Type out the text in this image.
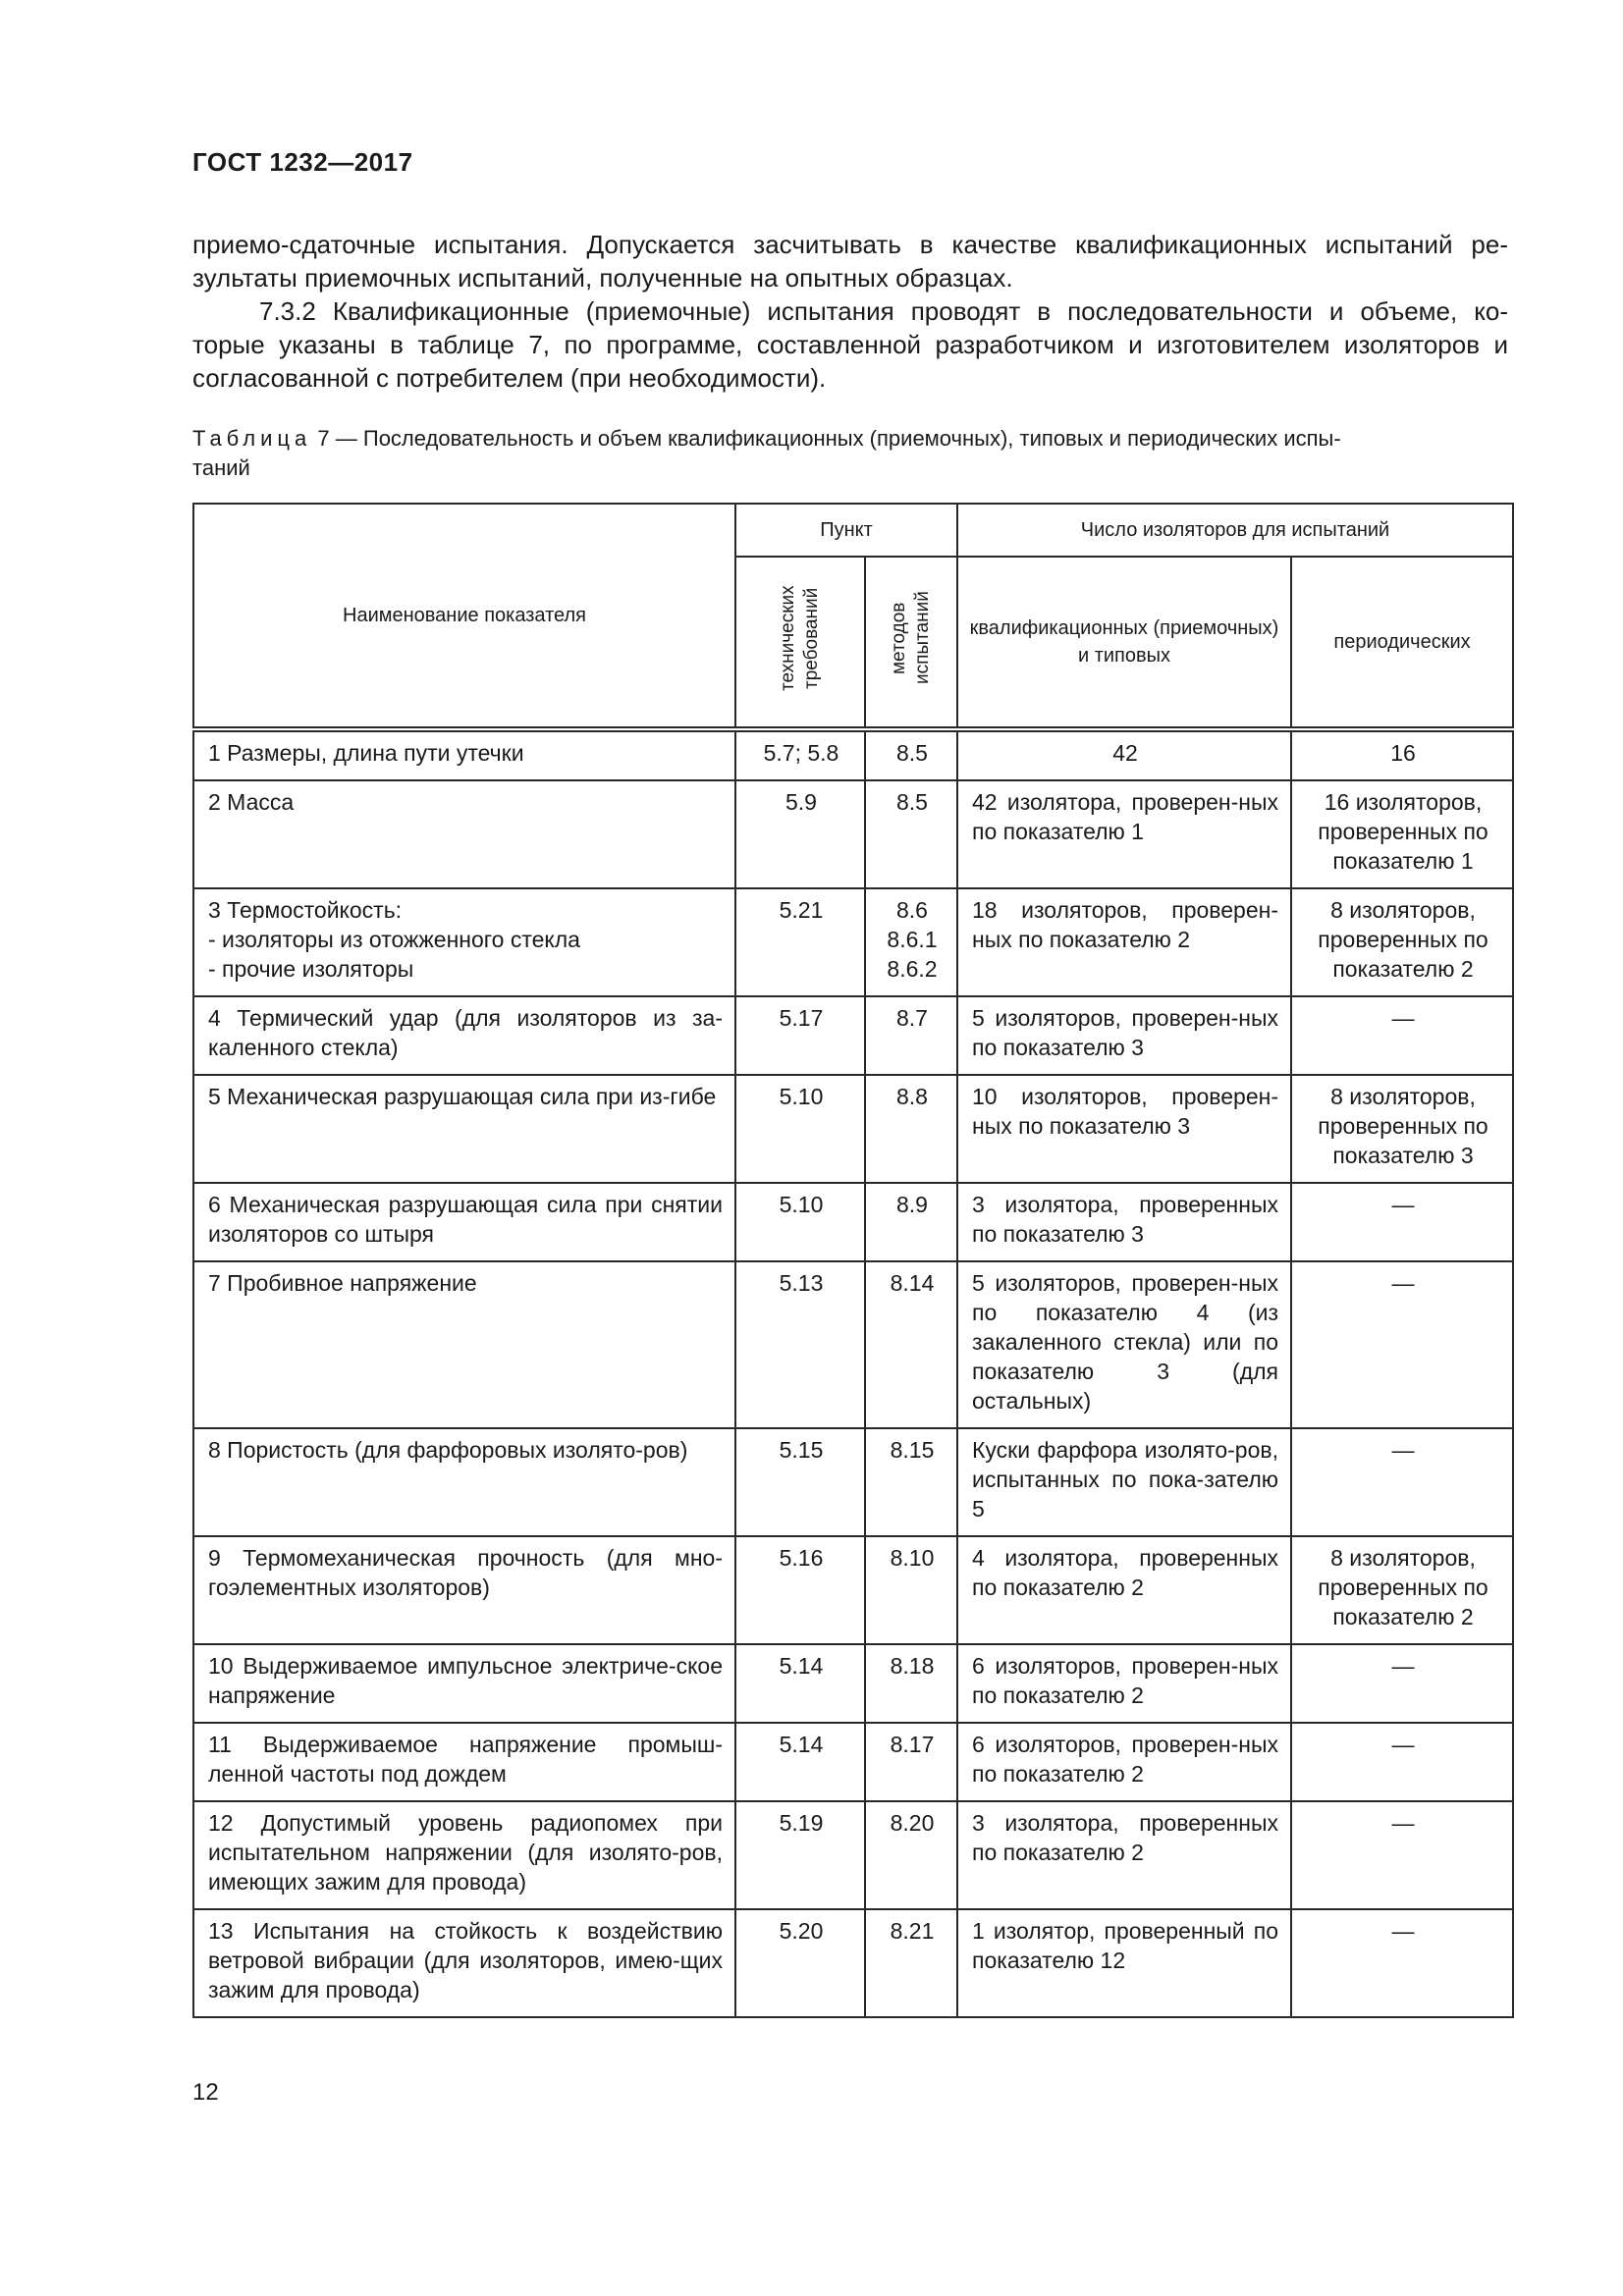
ГОСТ 1232—2017
приемо-сдаточные испытания. Допускается засчитывать в качестве квалификационных испытаний ре-
зультаты приемочных испытаний, полученные на опытных образцах.
7.3.2 Квалификационные (приемочные) испытания проводят в последовательности и объеме, ко-
торые указаны в таблице 7, по программе, составленной разработчиком и изготовителем изоляторов и
согласованной с потребителем (при необходимости).
Таблица 7 — Последовательность и объем квалификационных (приемочных), типовых и периодических испы-
таний
Наименование показателя	Пункт		Число изоляторов для испытаний	
	технических требований	методов испытаний	квалификационных (приемочных) и типовых	периодических
1 Размеры, длина пути утечки	5.7; 5.8	8.5	42	16
2 Масса	5.9	8.5	42 изолятора, проверен-ных по показателю 1	16 изоляторов, проверенных по показателю 1
3 Термостойкость:
- изоляторы из отожженного стекла
- прочие изоляторы	5.21	8.6
8.6.1
8.6.2	18 изоляторов, проверен-ных по показателю 2	8 изоляторов, проверенных по показателю 2
4 Термический удар (для изоляторов из за-каленного стекла)	5.17	8.7	5 изоляторов, проверен-ных по показателю 3	—
5 Механическая разрушающая сила при из-гибе	5.10	8.8	10 изоляторов, проверен-ных по показателю 3	8 изоляторов, проверенных по показателю 3
6 Механическая разрушающая сила при снятии изоляторов со штыря	5.10	8.9	3 изолятора, проверенных по показателю 3	—
7 Пробивное напряжение	5.13	8.14	5 изоляторов, проверен-ных по показателю 4 (из закаленного стекла) или по показателю 3 (для остальных)	—
8 Пористость (для фарфоровых изолято-ров)	5.15	8.15	Куски фарфора изолято-ров, испытанных по пока-зателю 5	—
9 Термомеханическая прочность (для мно-гоэлементных изоляторов)	5.16	8.10	4 изолятора, проверенных по показателю 2	8 изоляторов, проверенных по показателю 2
10 Выдерживаемое импульсное электриче-ское напряжение	5.14	8.18	6 изоляторов, проверен-ных по показателю 2	—
11 Выдерживаемое напряжение промыш-ленной частоты под дождем	5.14	8.17	6 изоляторов, проверен-ных по показателю 2	—
12 Допустимый уровень радиопомех при испытательном напряжении (для изолято-ров, имеющих зажим для провода)	5.19	8.20	3 изолятора, проверенных по показателю 2	—
13 Испытания на стойкость к воздействию ветровой вибрации (для изоляторов, имею-щих зажим для провода)	5.20	8.21	1 изолятор, проверенный по показателю 12	—
12
